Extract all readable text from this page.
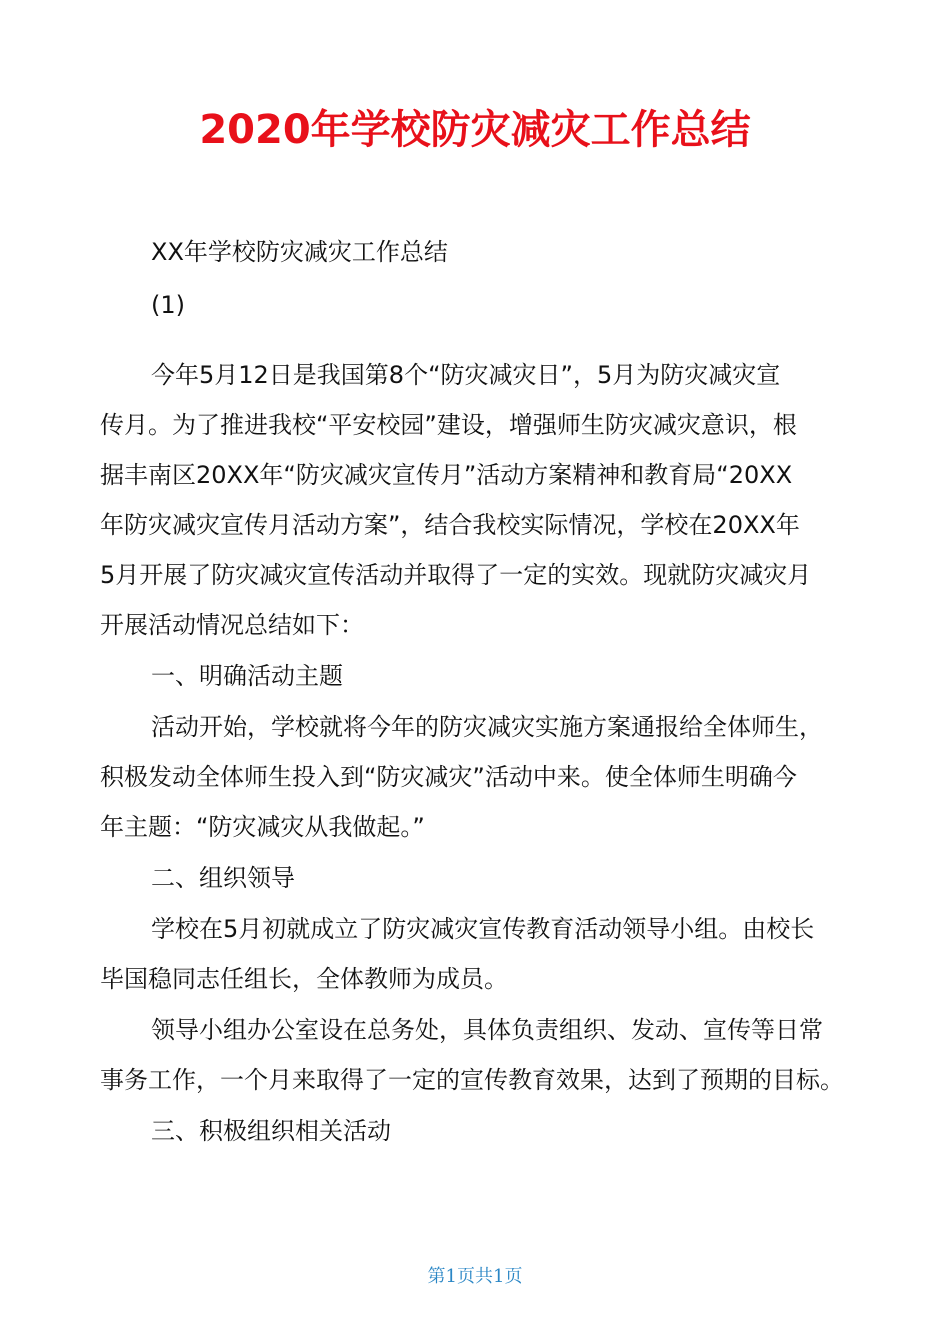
2020年学校防灾减灾工作总结

XX年学校防灾减灾工作总结

(1)

今年5月12日是我国第8个“防灾减灾日”，5月为防灾减灾宣

传月。为了推进我校“平安校园”建设，增强师生防灾减灾意识，根

据丰南区20XX年“防灾减灾宣传月”活动方案精神和教育局“20XX

年防灾减灾宣传月活动方案”，结合我校实际情况，学校在20XX年

5月开展了防灾减灾宣传活动并取得了一定的实效。现就防灾减灾月

开展活动情况总结如下：

一、明确活动主题

活动开始，学校就将今年的防灾减灾实施方案通报给全体师生，

积极发动全体师生投入到“防灾减灾”活动中来。使全体师生明确今

年主题：“防灾减灾从我做起。”

二、组织领导

学校在5月初就成立了防灾减灾宣传教育活动领导小组。由校长

毕国稳同志任组长，全体教师为成员。

领导小组办公室设在总务处，具体负责组织、发动、宣传等日常

事务工作，一个月来取得了一定的宣传教育效果，达到了预期的目标。

三、积极组织相关活动

第1页共1页
